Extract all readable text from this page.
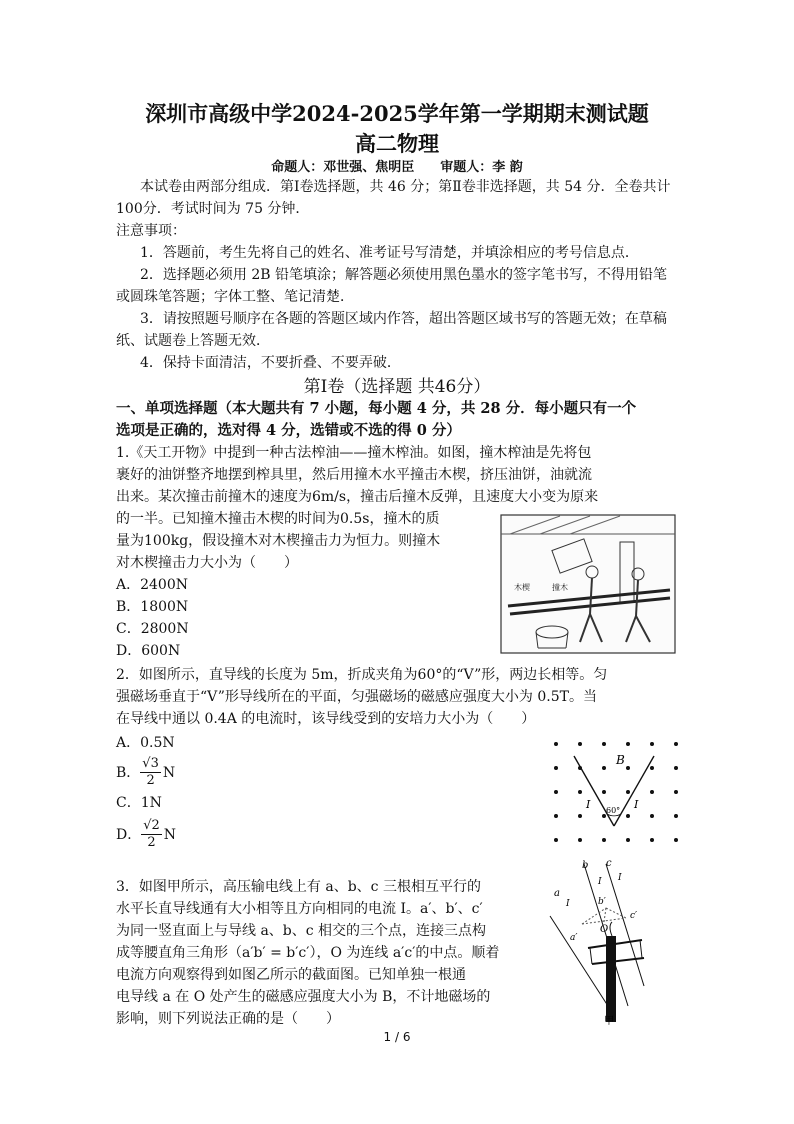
深圳市高级中学2024-2025学年第一学期期末测试题
高二物理
命题人：邓世强、焦明臣　　审题人：李 韵
本试卷由两部分组成．第Ⅰ卷选择题，共 46 分；第Ⅱ卷非选择题，共 54 分．全卷共计
100分．考试时间为 75 分钟．
注意事项：
1．答题前，考生先将自己的姓名、准考证号写清楚，并填涂相应的考号信息点．
2．选择题必须用 2B 铅笔填涂；解答题必须使用黑色墨水的签字笔书写，不得用铅笔
或圆珠笔答题；字体工整、笔记清楚．
3．请按照题号顺序在各题的答题区域内作答，超出答题区域书写的答题无效；在草稿
纸、试题卷上答题无效．
4．保持卡面清洁，不要折叠、不要弄破．
第Ⅰ卷（选择题 共46分）
一、单项选择题（本大题共有 7 小题，每小题 4 分，共 28 分．每小题只有一个
选项是正确的，选对得 4 分，选错或不选的得 0 分）
1.《天工开物》中提到一种古法榨油——撞木榨油。如图，撞木榨油是先将包
裹好的油饼整齐地摆到榨具里，然后用撞木水平撞击木楔，挤压油饼，油就流
出来。某次撞击前撞木的速度为6m/s，撞击后撞木反弹，且速度大小变为原来
的一半。已知撞木撞击木楔的时间为0.5s，撞木的质
量为100kg，假设撞木对木楔撞击力为恒力。则撞木
对木楔撞击力大小为（　　）
A．2400N
B．1800N
C．2800N
D．600N
木楔	撞木
2．如图所示，直导线的长度为 5m，折成夹角为60°的“V”形，两边长相等。匀
强磁场垂直于“V”形导线所在的平面，匀强磁场的磁感应强度大小为 0.5T。当
在导线中通以 0.4A 的电流时，该导线受到的安培力大小为（　　）
A．0.5N
B． $\frac{√3}{2}$ N
C．1N
D． $\frac{√2}{2}$ N
B
I	I
60°
3．如图甲所示，高压输电线上有 a、b、c 三根相互平行的
水平长直导线通有大小相等且方向相同的电流 I。a′、b′、c′
为同一竖直面上与导线 a、b、c 相交的三个点，连接三点构
成等腰直角三角形（a′b′ = b′c′），O 为连线 a′c′的中点。顺着
电流方向观察得到如图乙所示的截面图。已知单独一根通
电导线 a 在 O 处产生的磁感应强度大小为 B，不计地磁场的
影响，则下列说法正确的是（　　）
a
b c
a′
b′
c′
O
I
I I
甲
1 / 6
